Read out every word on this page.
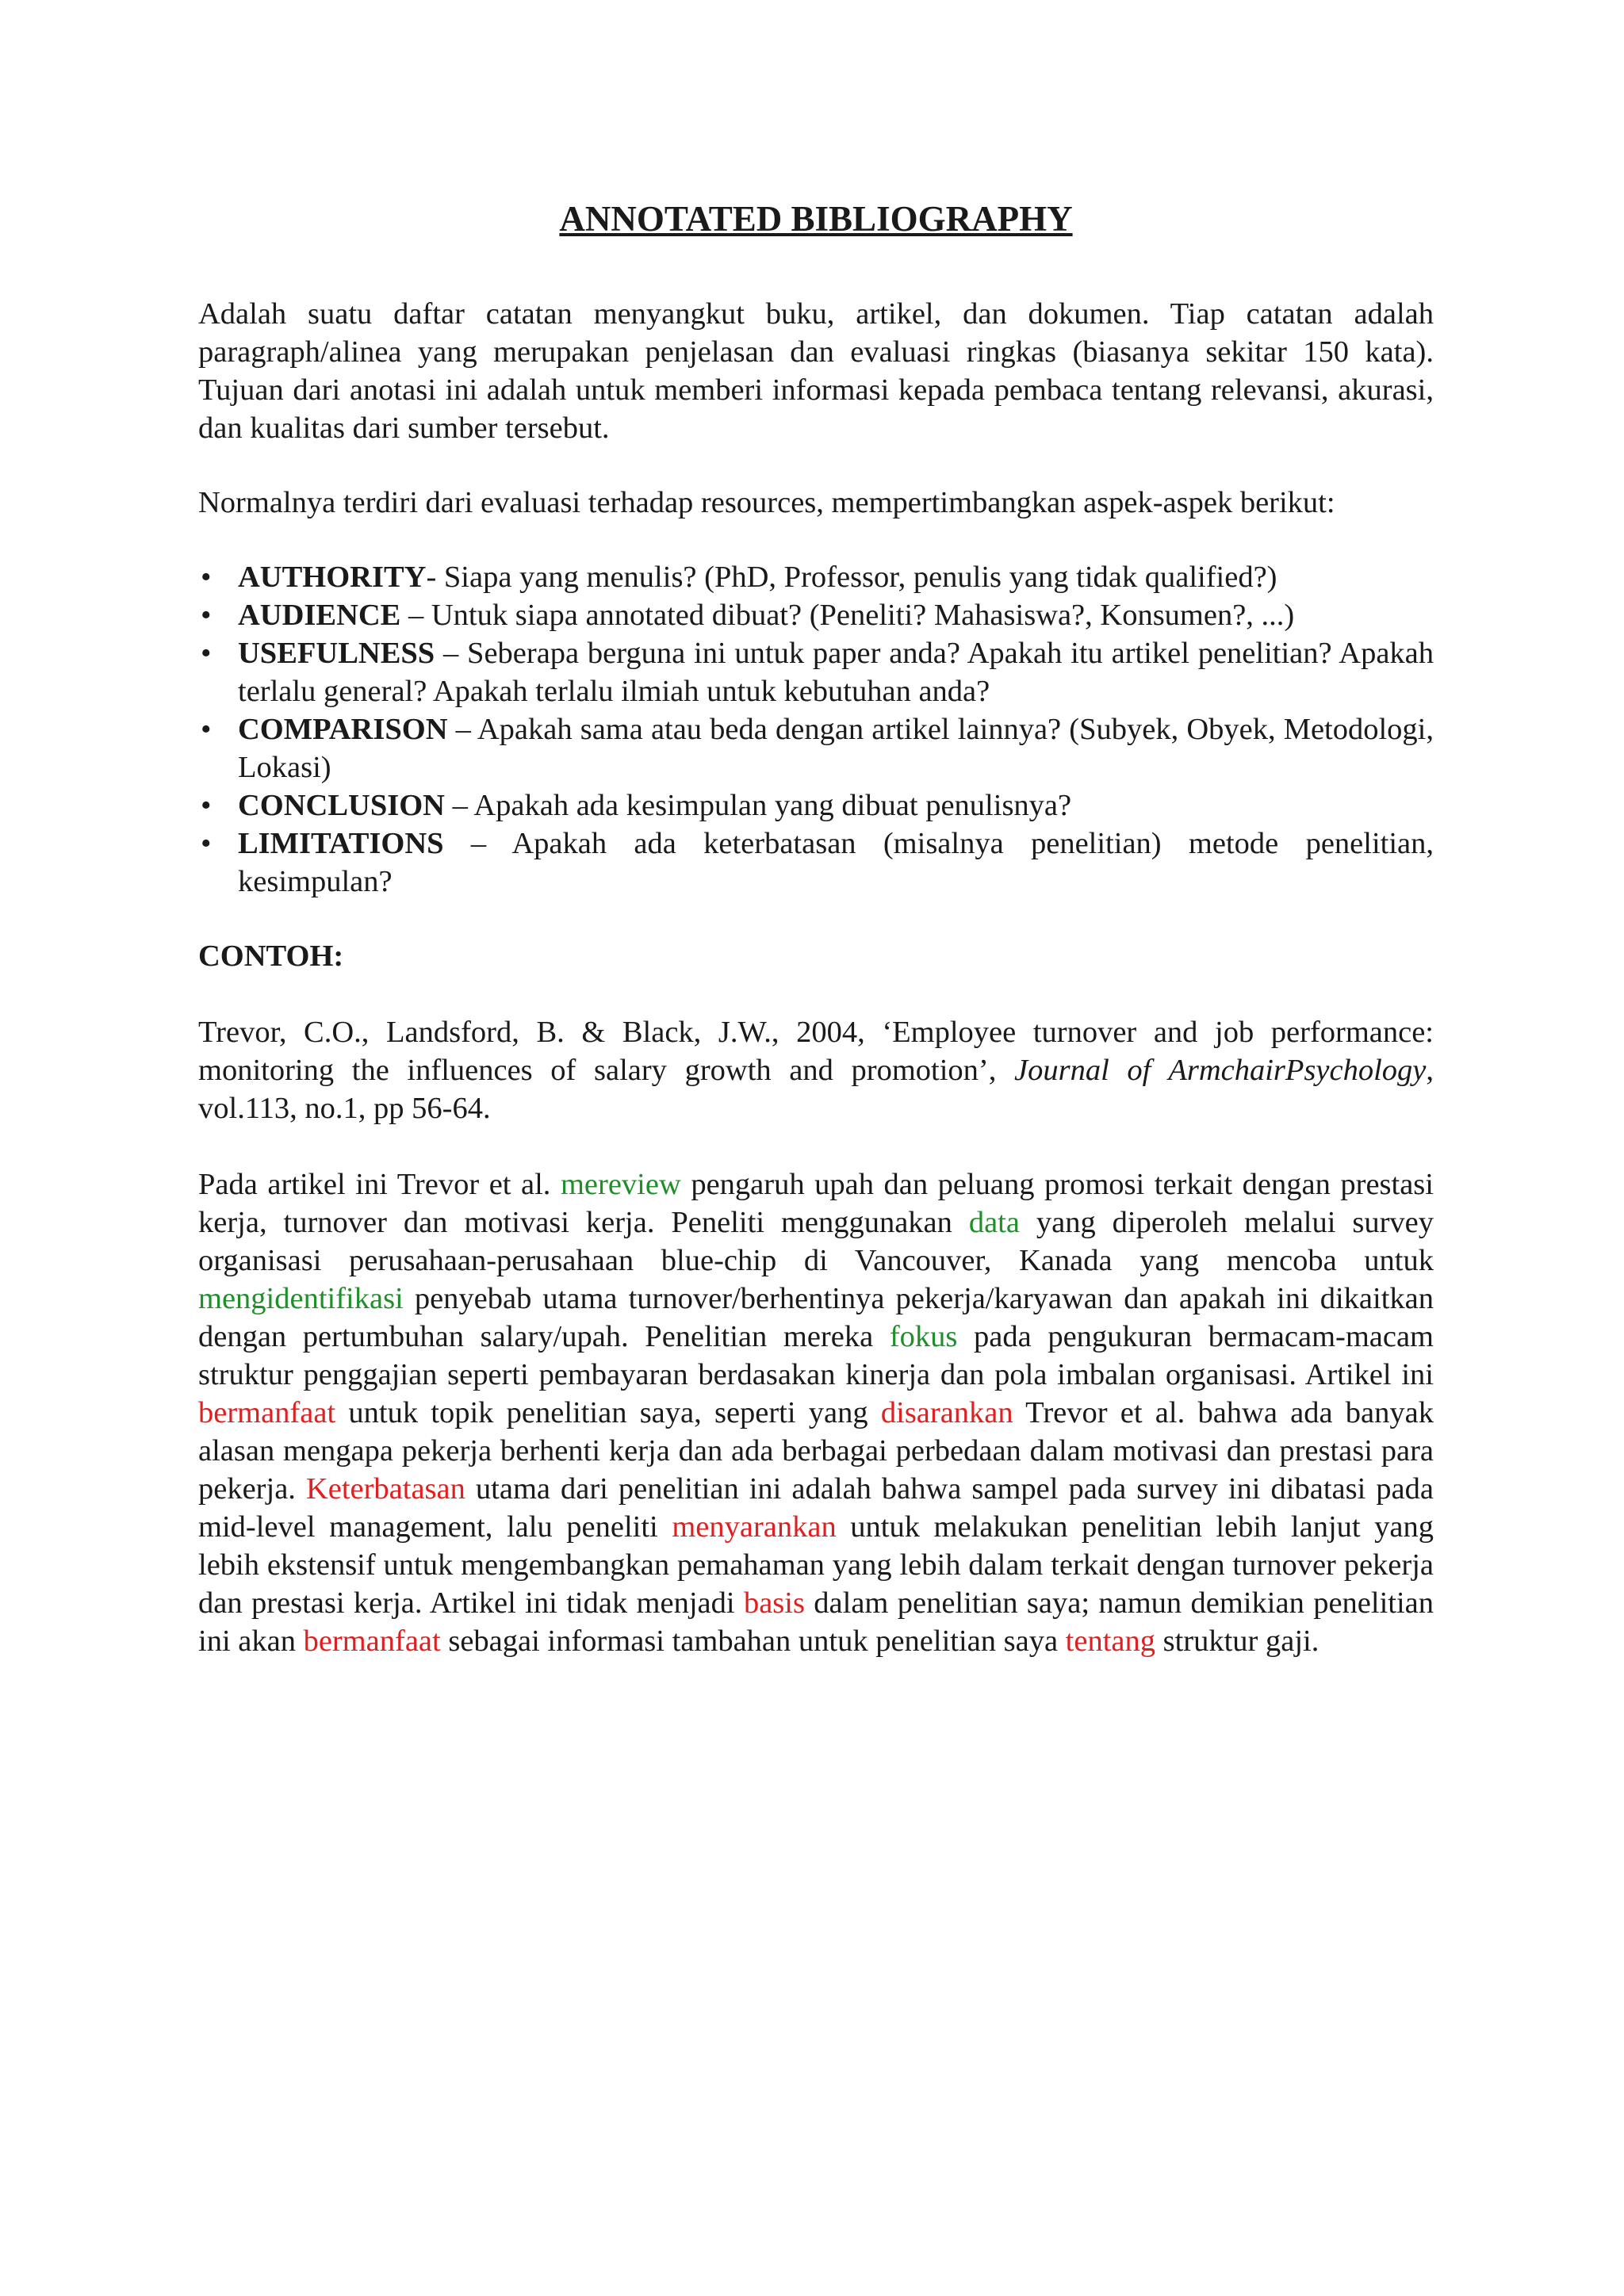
ANNOTATED BIBLIOGRAPHY

Adalah suatu daftar catatan menyangkut buku, artikel, dan dokumen. Tiap catatan adalah paragraph/alinea yang merupakan penjelasan dan evaluasi ringkas (biasanya sekitar 150 kata). Tujuan dari anotasi ini adalah untuk memberi informasi kepada pembaca tentang relevansi, akurasi, dan kualitas dari sumber tersebut.

Normalnya terdiri dari evaluasi terhadap resources, mempertimbangkan aspek-aspek berikut:

• AUTHORITY- Siapa yang menulis? (PhD, Professor, penulis yang tidak qualified?)
• AUDIENCE – Untuk siapa annotated dibuat? (Peneliti? Mahasiswa?, Konsumen?, ...)
• USEFULNESS – Seberapa berguna ini untuk paper anda? Apakah itu artikel penelitian? Apakah terlalu general? Apakah terlalu ilmiah untuk kebutuhan anda?
• COMPARISON – Apakah sama atau beda dengan artikel lainnya? (Subyek, Obyek, Metodologi, Lokasi)
• CONCLUSION – Apakah ada kesimpulan yang dibuat penulisnya?
• LIMITATIONS – Apakah ada keterbatasan (misalnya penelitian) metode penelitian, kesimpulan?

CONTOH:

Trevor, C.O., Landsford, B. & Black, J.W., 2004, ‘Employee turnover and job performance: monitoring the influences of salary growth and promotion’, Journal of ArmchairPsychology, vol.113, no.1, pp 56-64.

Pada artikel ini Trevor et al. mereview pengaruh upah dan peluang promosi terkait dengan prestasi kerja, turnover dan motivasi kerja. Peneliti menggunakan data yang diperoleh melalui survey organisasi perusahaan-perusahaan blue-chip di Vancouver, Kanada yang mencoba untuk mengidentifikasi penyebab utama turnover/berhentinya pekerja/karyawan dan apakah ini dikaitkan dengan pertumbuhan salary/upah. Penelitian mereka fokus pada pengukuran bermacam-macam struktur penggajian seperti pembayaran berdasakan kinerja dan pola imbalan organisasi. Artikel ini bermanfaat untuk topik penelitian saya, seperti yang disarankan Trevor et al. bahwa ada banyak alasan mengapa pekerja berhenti kerja dan ada berbagai perbedaan dalam motivasi dan prestasi para pekerja. Keterbatasan utama dari penelitian ini adalah bahwa sampel pada survey ini dibatasi pada mid-level management, lalu peneliti menyarankan untuk melakukan penelitian lebih lanjut yang lebih ekstensif untuk mengembangkan pemahaman yang lebih dalam terkait dengan turnover pekerja dan prestasi kerja. Artikel ini tidak menjadi basis dalam penelitian saya; namun demikian penelitian ini akan bermanfaat sebagai informasi tambahan untuk penelitian saya tentang struktur gaji.
